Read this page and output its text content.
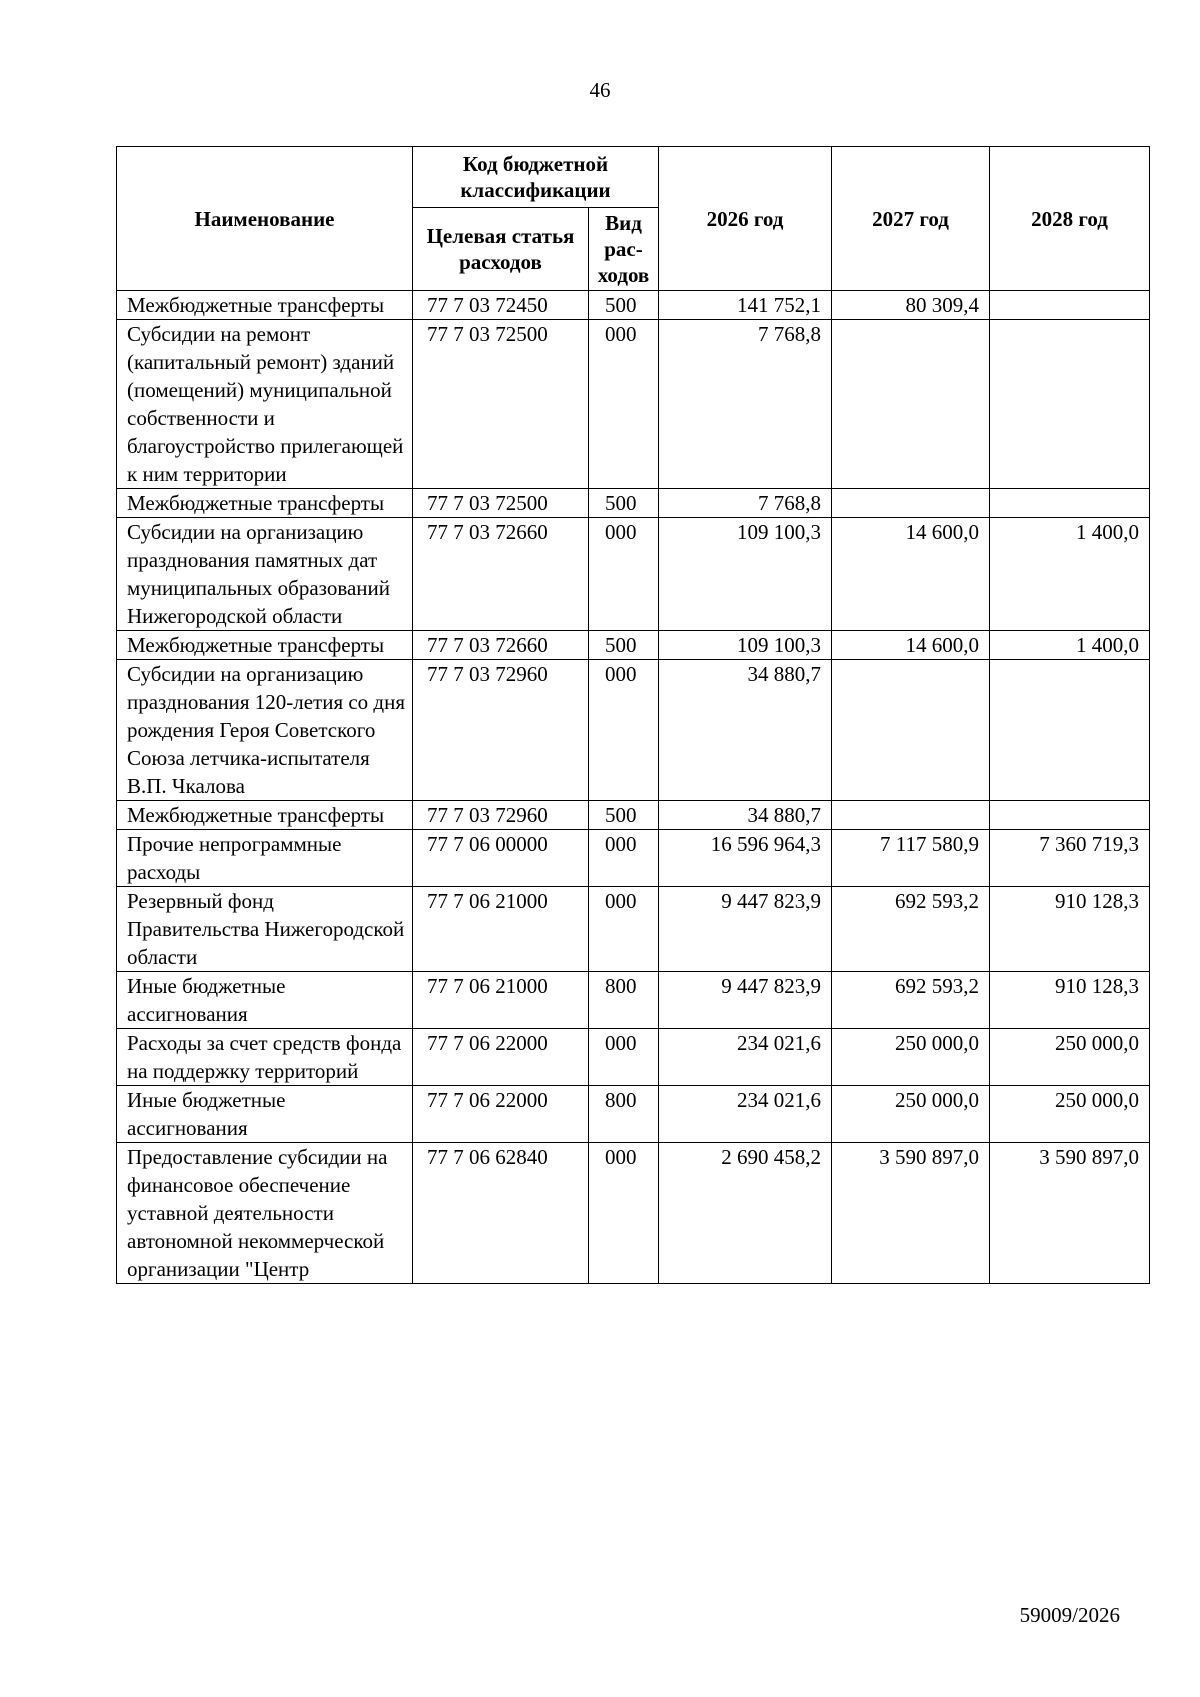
46
Наименование	Код бюджетной классификации		2026 год	2027 год	2028 год
	Целевая статья расходов	Вид рас-ходов			
Межбюджетные трансферты	77 7 03 72450	500	141 752,1	80 309,4	
Субсидии на ремонт (капитальный ремонт) зданий (помещений) муниципальной собственности и благоустройство прилегающей к ним территории	77 7 03 72500	000	7 768,8		
Межбюджетные трансферты	77 7 03 72500	500	7 768,8		
Субсидии на организацию празднования памятных дат муниципальных образований Нижегородской области	77 7 03 72660	000	109 100,3	14 600,0	1 400,0
Межбюджетные трансферты	77 7 03 72660	500	109 100,3	14 600,0	1 400,0
Субсидии на организацию празднования 120-летия со дня рождения Героя Советского Союза летчика-испытателя В.П. Чкалова	77 7 03 72960	000	34 880,7		
Межбюджетные трансферты	77 7 03 72960	500	34 880,7		
Прочие непрограммные расходы	77 7 06 00000	000	16 596 964,3	7 117 580,9	7 360 719,3
Резервный фонд Правительства Нижегородской области	77 7 06 21000	000	9 447 823,9	692 593,2	910 128,3
Иные бюджетные ассигнования	77 7 06 21000	800	9 447 823,9	692 593,2	910 128,3
Расходы за счет средств фонда на поддержку территорий	77 7 06 22000	000	234 021,6	250 000,0	250 000,0
Иные бюджетные ассигнования	77 7 06 22000	800	234 021,6	250 000,0	250 000,0
Предоставление субсидии на финансовое обеспечение уставной деятельности автономной некоммерческой организации "Центр	77 7 06 62840	000	2 690 458,2	3 590 897,0	3 590 897,0
59009/2026
